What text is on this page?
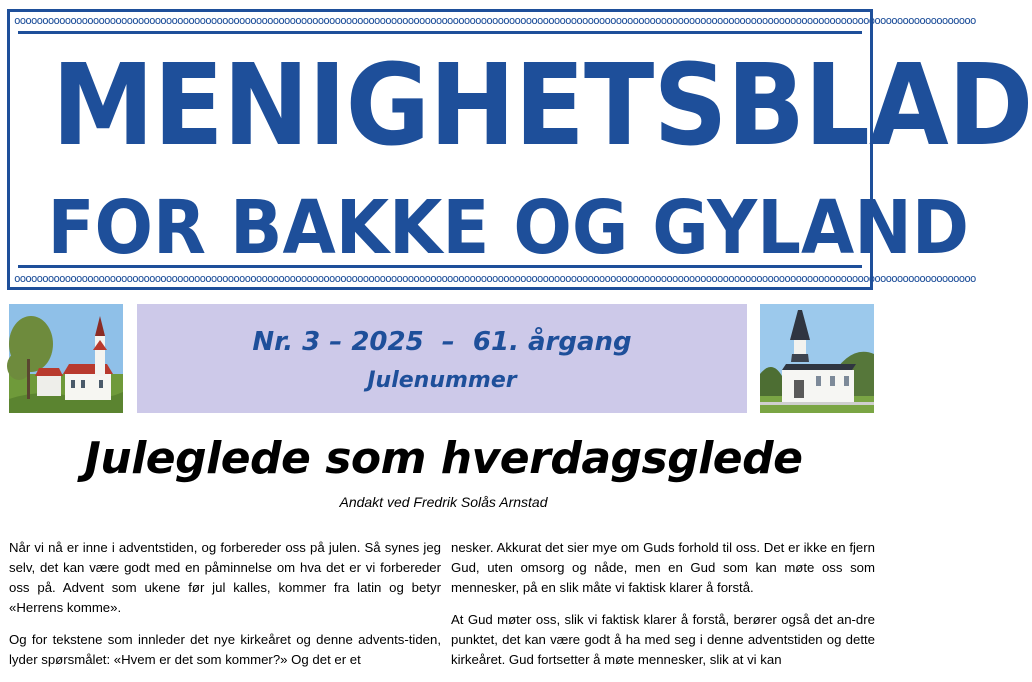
ooooooooooooooooooooooooooooooooooooooooooooooooooooooooooooooooooooooooooooooooooooooooooooooooooooooooooooooooooooooooooooooooooooooooooooooooooooooooooooooooooooooooooo
MENIGHETSBLAD
FOR BAKKE OG GYLAND
ooooooooooooooooooooooooooooooooooooooooooooooooooooooooooooooooooooooooooooooooooooooooooooooooooooooooooooooooooooooooooooooooooooooooooooooooooooooooooooooooooooooooooo
Nr. 3 – 2025  –  61. årgang
Julenummer
Juleglede som hverdagsglede
Andakt ved Fredrik Solås Arnstad

Når vi nå er inne i adventstiden, og forbereder oss på julen. Så synes jeg selv, det kan være godt med en påminnelse om hva det er vi forbereder oss på. Advent som ukene før jul kalles, kommer fra latin og betyr «Herrens komme».

Og for tekstene som innleder det nye kirkeåret og denne advents-tiden, lyder spørsmålet: «Hvem er det som kommer?» Og det er et

nesker. Akkurat det sier mye om Guds forhold til oss. Det er ikke en fjern Gud, uten omsorg og nåde, men en Gud som kan møte oss som mennesker, på en slik måte vi faktisk klarer å forstå.

At Gud møter oss, slik vi faktisk klarer å forstå, berører også det an-dre punktet, det kan være godt å ha med seg i denne adventstiden og dette kirkeåret. Gud fortsetter å møte mennesker, slik at vi kan
